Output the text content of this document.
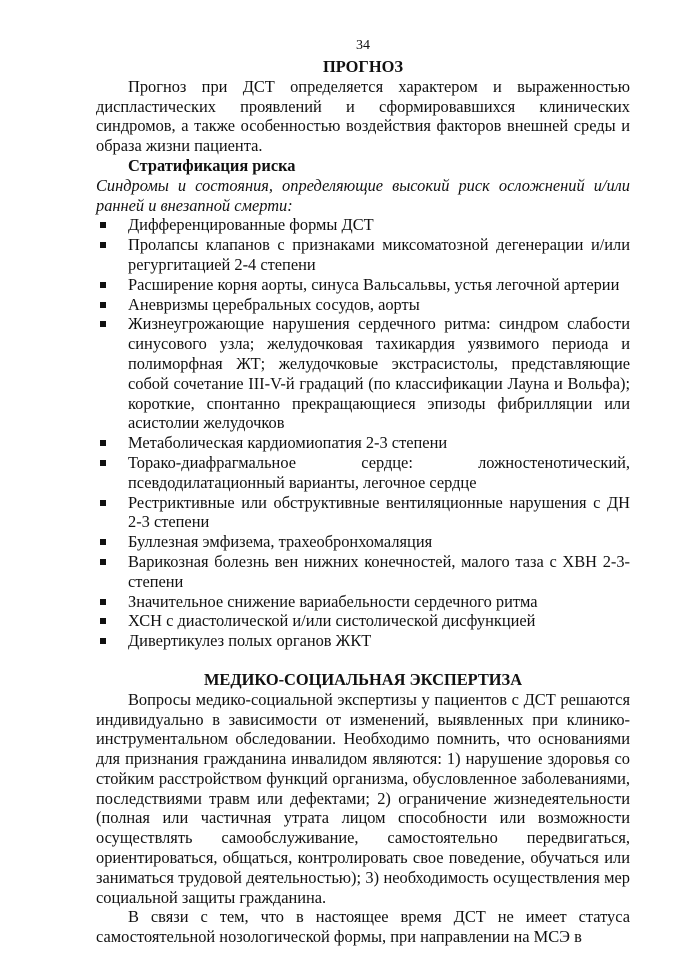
34
ПРОГНОЗ

Прогноз при ДСТ определяется характером и выраженностью диспластических проявлений и сформировавшихся клинических синдромов, а также особенностью воздействия факторов внешней среды и образа жизни пациента.

Стратификация риска

Синдромы и состояния, определяющие высокий риск осложнений и/или ранней и внезапной смерти:

Дифференцированные формы ДСТ
Пролапсы клапанов с признаками миксоматозной дегенерации и/или регургитацией 2-4 степени
Расширение корня аорты, синуса Вальсальвы, устья легочной артерии
Аневризмы церебральных сосудов, аорты
Жизнеугрожающие нарушения сердечного ритма: синдром слабости синусового узла; желудочковая тахикардия уязвимого периода и полиморфная ЖТ; желудочковые экстрасистолы, представляющие собой сочетание III-V-й градаций (по классификации Лауна и Вольфа); короткие, спонтанно прекращающиеся эпизоды фибрилляции или асистолии желудочков
Метаболическая кардиомиопатия 2-3 степени
Торако-диафрагмальное сердце: ложностенотический, псевдодилатационный варианты, легочное сердце
Рестриктивные или обструктивные вентиляционные нарушения с ДН 2-3 степени
Буллезная эмфизема, трахеобронхомаляция
Варикозная болезнь вен нижних конечностей, малого таза с ХВН 2-3-степени
Значительное снижение вариабельности сердечного ритма
ХСН с диастолической и/или систолической дисфункцией
Дивертикулез полых органов ЖКТ
МЕДИКО-СОЦИАЛЬНАЯ ЭКСПЕРТИЗА

Вопросы медико-социальной экспертизы у пациентов с ДСТ решаются индивидуально в зависимости от изменений, выявленных при клинико-инструментальном обследовании. Необходимо помнить, что основаниями для признания гражданина инвалидом являются: 1) нарушение здоровья со стойким расстройством функций организма, обусловленное заболеваниями, последствиями травм или дефектами; 2) ограничение жизнедеятельности (полная или частичная утрата лицом способности или возможности осуществлять самообслуживание, самостоятельно передвигаться, ориентироваться, общаться, контролировать свое поведение, обучаться или заниматься трудовой деятельностью); 3) необходимость осуществления мер социальной защиты гражданина.

В связи с тем, что в настоящее время ДСТ не имеет статуса самостоятельной нозологической формы, при направлении на МСЭ в
